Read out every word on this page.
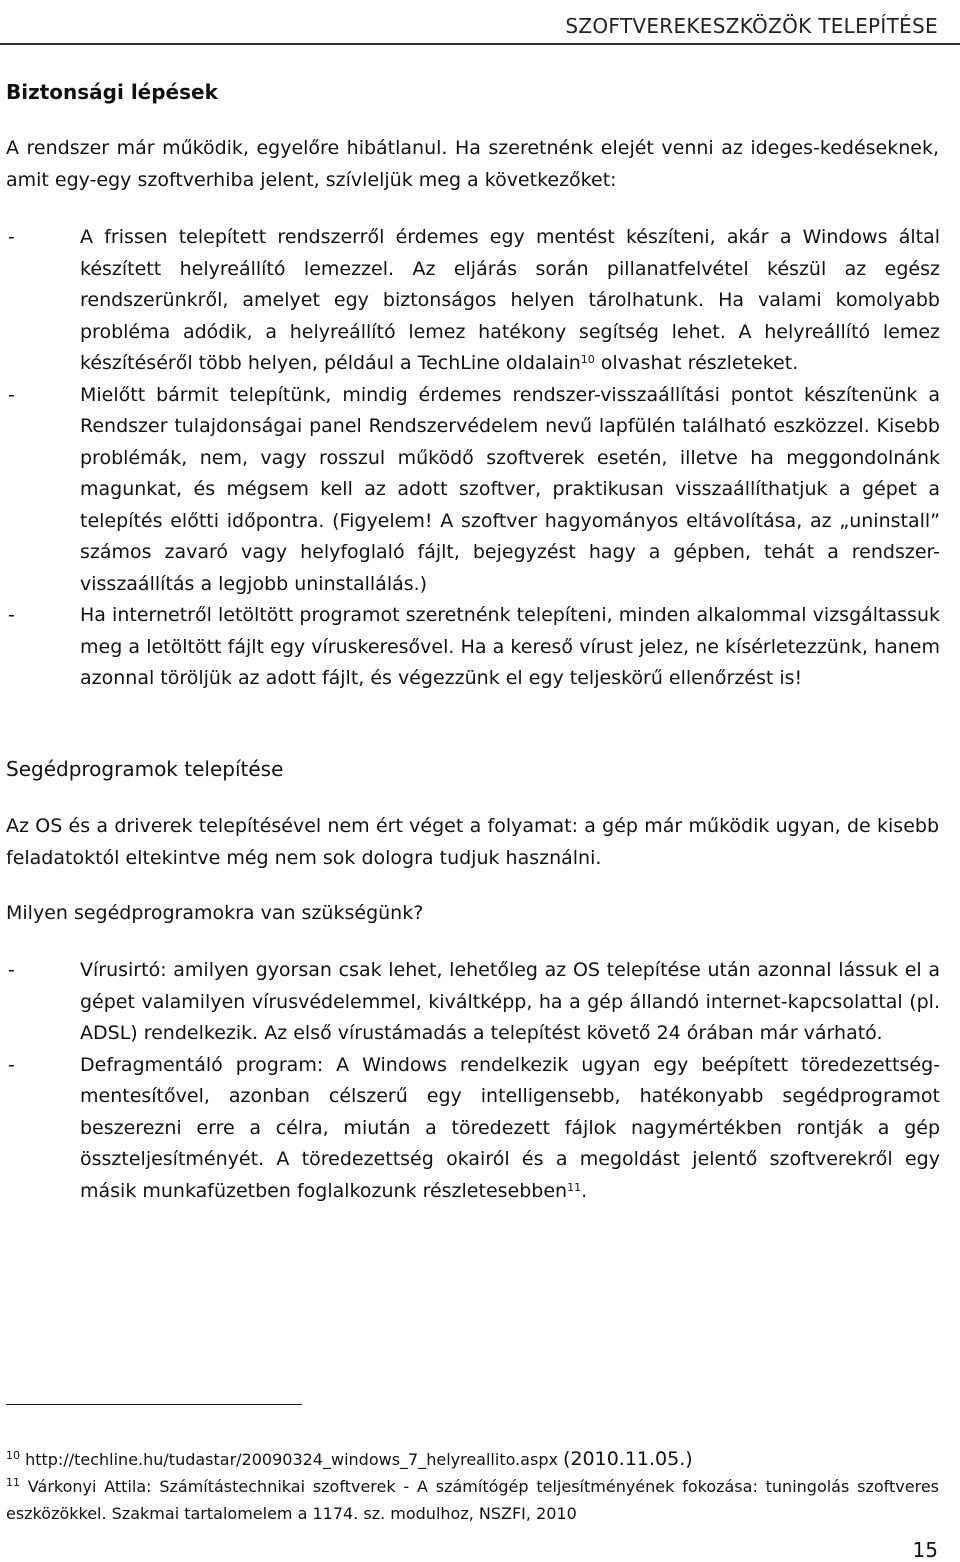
SZOFTVEREKESZKÖZÖK TELEPÍTÉSE
Biztonsági lépések

A rendszer már működik, egyelőre hibátlanul. Ha szeretnénk elejét venni az ideges-kedéseknek, amit egy-egy szoftverhiba jelent, szívleljük meg a következőket:

-	A frissen telepített rendszerről érdemes egy mentést készíteni, akár a Windows által készített helyreállító lemezzel. Az eljárás során pillanatfelvétel készül az egész rendszerünkről, amelyet egy biztonságos helyen tárolhatunk. Ha valami komolyabb probléma adódik, a helyreállító lemez hatékony segítség lehet. A helyreállító lemez készítéséről több helyen, például a TechLine oldalain$^{10}$ olvashat részleteket.
-	Mielőtt bármit telepítünk, mindig érdemes rendszer-visszaállítási pontot készítenünk a Rendszer tulajdonságai panel Rendszervédelem nevű lapfülén található eszközzel. Kisebb problémák, nem, vagy rosszul működő szoftverek esetén, illetve ha meggondolnánk magunkat, és mégsem kell az adott szoftver, praktikusan visszaállíthatjuk a gépet a telepítés előtti időpontra. (Figyelem! A szoftver hagyományos eltávolítása, az „uninstall” számos zavaró vagy helyfoglaló fájlt, bejegyzést hagy a gépben, tehát a rendszer-visszaállítás a legjobb uninstallálás.)
-	Ha internetről letöltött programot szeretnénk telepíteni, minden alkalommal vizsgáltassuk meg a letöltött fájlt egy víruskeresővel. Ha a kereső vírust jelez, ne kísérletezzünk, hanem azonnal töröljük az adott fájlt, és végezzünk el egy teljeskörű ellenőrzést is!
Segédprogramok telepítése

Az OS és a driverek telepítésével nem ért véget a folyamat: a gép már működik ugyan, de kisebb feladatoktól eltekintve még nem sok dologra tudjuk használni.

Milyen segédprogramokra van szükségünk?

-	Vírusirtó: amilyen gyorsan csak lehet, lehetőleg az OS telepítése után azonnal lássuk el a gépet valamilyen vírusvédelemmel, kiváltképp, ha a gép állandó internet-kapcsolattal (pl. ADSL) rendelkezik. Az első vírustámadás a telepítést követő 24 órában már várható.
-	Defragmentáló program: A Windows rendelkezik ugyan egy beépített töredezettség-mentesítővel, azonban célszerű egy intelligensebb, hatékonyabb segédprogramot beszerezni erre a célra, miután a töredezett fájlok nagymértékben rontják a gép összteljesítményét. A töredezettség okairól és a megoldást jelentő szoftverekről egy másik munkafüzetben foglalkozunk részletesebben$^{11}$.
$^{10}$ http://techline.hu/tudastar/20090324_windows_7_helyreallito.aspx (2010.11.05.)
$^{11}$ Várkonyi Attila: Számítástechnikai szoftverek - A számítógép teljesítményének fokozása: tuningolás szoftveres eszközökkel. Szakmai tartalomelem a 1174. sz. modulhoz, NSZFI, 2010
15
